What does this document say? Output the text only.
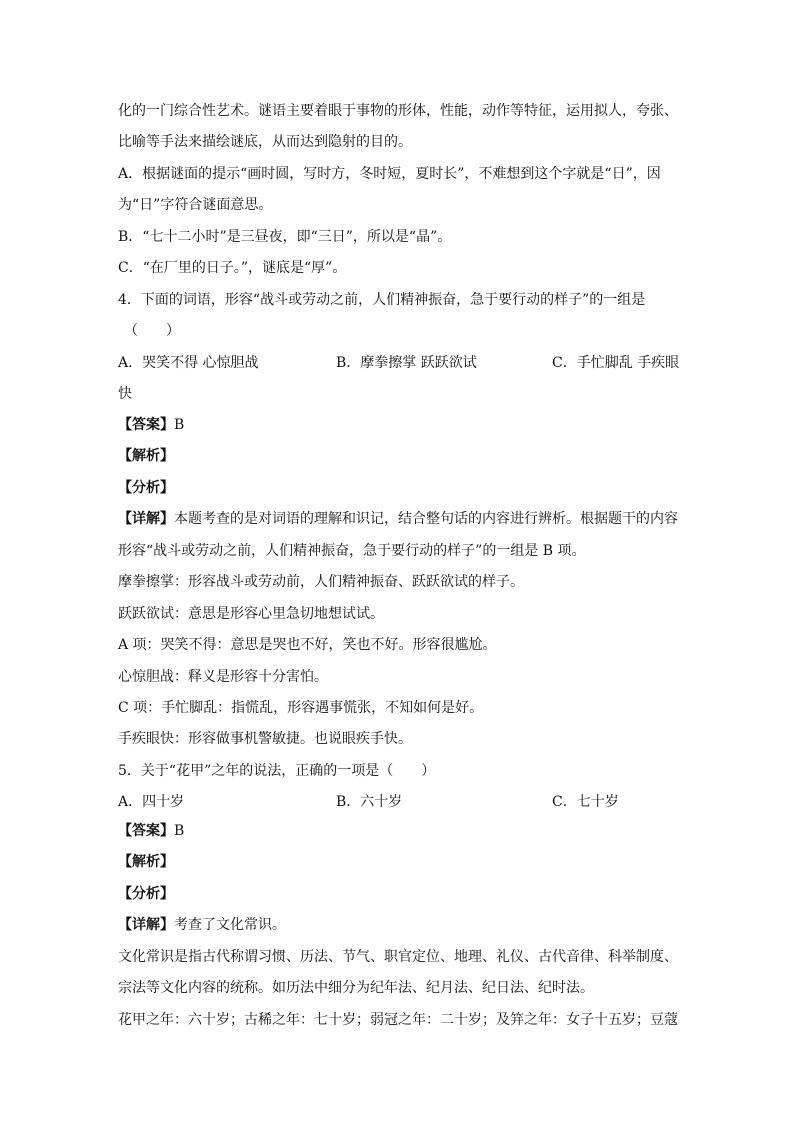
化的一门综合性艺术。谜语主要着眼于事物的形体，性能，动作等特征，运用拟人，夸张、
比喻等手法来描绘谜底，从而达到隐射的目的。
A．根据谜面的提示“画时圆，写时方，冬时短，夏时长”，不难想到这个字就是“日”，因
为“日”字符合谜面意思。
B．“七十二小时”是三昼夜，即“三日”，所以是“晶”。
C．“在厂里的日子。”，谜底是“厚”。
4．下面的词语，形容“战斗或劳动之前，人们精神振奋，急于要行动的样子”的一组是
（　　）
A．哭笑不得 心惊胆战	B．摩拳擦掌 跃跃欲试	C．手忙脚乱 手疾眼
快
【答案】B
【解析】
【分析】
【详解】本题考查的是对词语的理解和识记，结合整句话的内容进行辨析。根据题干的内容
形容“战斗或劳动之前，人们精神振奋，急于要行动的样子”的一组是 B 项。
摩拳擦掌：形容战斗或劳动前，人们精神振奋、跃跃欲试的样子。
跃跃欲试：意思是形容心里急切地想试试。
A 项：哭笑不得：意思是哭也不好，笑也不好。形容很尴尬。
心惊胆战：释义是形容十分害怕。
C 项：手忙脚乱：指慌乱，形容遇事慌张，不知如何是好。
手疾眼快：形容做事机警敏捷。也说眼疾手快。
5．关于“花甲”之年的说法，正确的一项是（　　）
A．四十岁	B．六十岁	C．七十岁
【答案】B
【解析】
【分析】
【详解】考查了文化常识。
文化常识是指古代称谓习惯、历法、节气、职官定位、地理、礼仪、古代音律、科举制度、
宗法等文化内容的统称。如历法中细分为纪年法、纪月法、纪日法、纪时法。
花甲之年：六十岁；古稀之年：七十岁；弱冠之年：二十岁；及笄之年：女子十五岁；豆蔻
